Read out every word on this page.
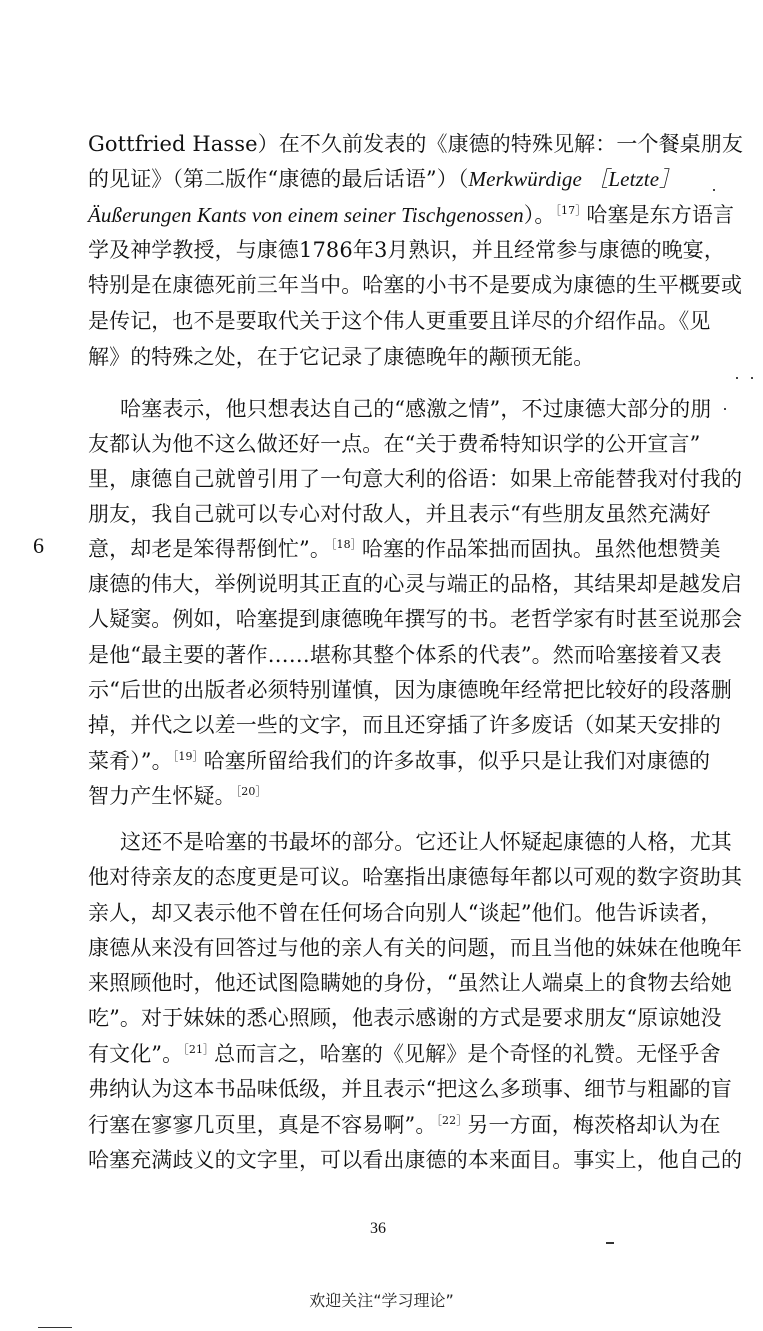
Gottfried Hasse）在不久前发表的《康德的特殊见解：一个餐桌朋友
的见证》（第二版作“康德的最后话语”）（Merkwürdige ［Letzte］
Äußerungen Kants von einem seiner Tischgenossen）。$^{[17]}$哈塞是东方语言
学及神学教授，与康德1786年3月熟识，并且经常参与康德的晚宴，
特别是在康德死前三年当中。哈塞的小书不是要成为康德的生平概要或
是传记，也不是要取代关于这个伟人更重要且详尽的介绍作品。《见
解》的特殊之处，在于它记录了康德晚年的颟顸无能。
哈塞表示，他只想表达自己的“感激之情”，不过康德大部分的朋
友都认为他不这么做还好一点。在“关于费希特知识学的公开宣言”
里，康德自己就曾引用了一句意大利的俗语：如果上帝能替我对付我的
朋友，我自己就可以专心对付敌人，并且表示“有些朋友虽然充满好
意，却老是笨得帮倒忙”。$^{[18]}$哈塞的作品笨拙而固执。虽然他想赞美
康德的伟大，举例说明其正直的心灵与端正的品格，其结果却是越发启
人疑窦。例如，哈塞提到康德晚年撰写的书。老哲学家有时甚至说那会
是他“最主要的著作……堪称其整个体系的代表”。然而哈塞接着又表
示“后世的出版者必须特别谨慎，因为康德晚年经常把比较好的段落删
掉，并代之以差一些的文字，而且还穿插了许多废话（如某天安排的
菜肴）”。$^{[19]}$哈塞所留给我们的许多故事，似乎只是让我们对康德的
智力产生怀疑。$^{[20]}$
这还不是哈塞的书最坏的部分。它还让人怀疑起康德的人格，尤其
他对待亲友的态度更是可议。哈塞指出康德每年都以可观的数字资助其
亲人，却又表示他不曾在任何场合向别人“谈起”他们。他告诉读者，
康德从来没有回答过与他的亲人有关的问题，而且当他的妹妹在他晚年
来照顾他时，他还试图隐瞒她的身份，“虽然让人端桌上的食物去给她
吃”。对于妹妹的悉心照顾，他表示感谢的方式是要求朋友“原谅她没
有文化”。$^{[21]}$总而言之，哈塞的《见解》是个奇怪的礼赞。无怪乎舍
弗纳认为这本书品味低级，并且表示“把这么多琐事、细节与粗鄙的盲
行塞在寥寥几页里，真是不容易啊”。$^{[22]}$另一方面，梅茨格却认为在
哈塞充满歧义的文字里，可以看出康德的本来面目。事实上，他自己的
6
36
欢迎关注“学习理论”
